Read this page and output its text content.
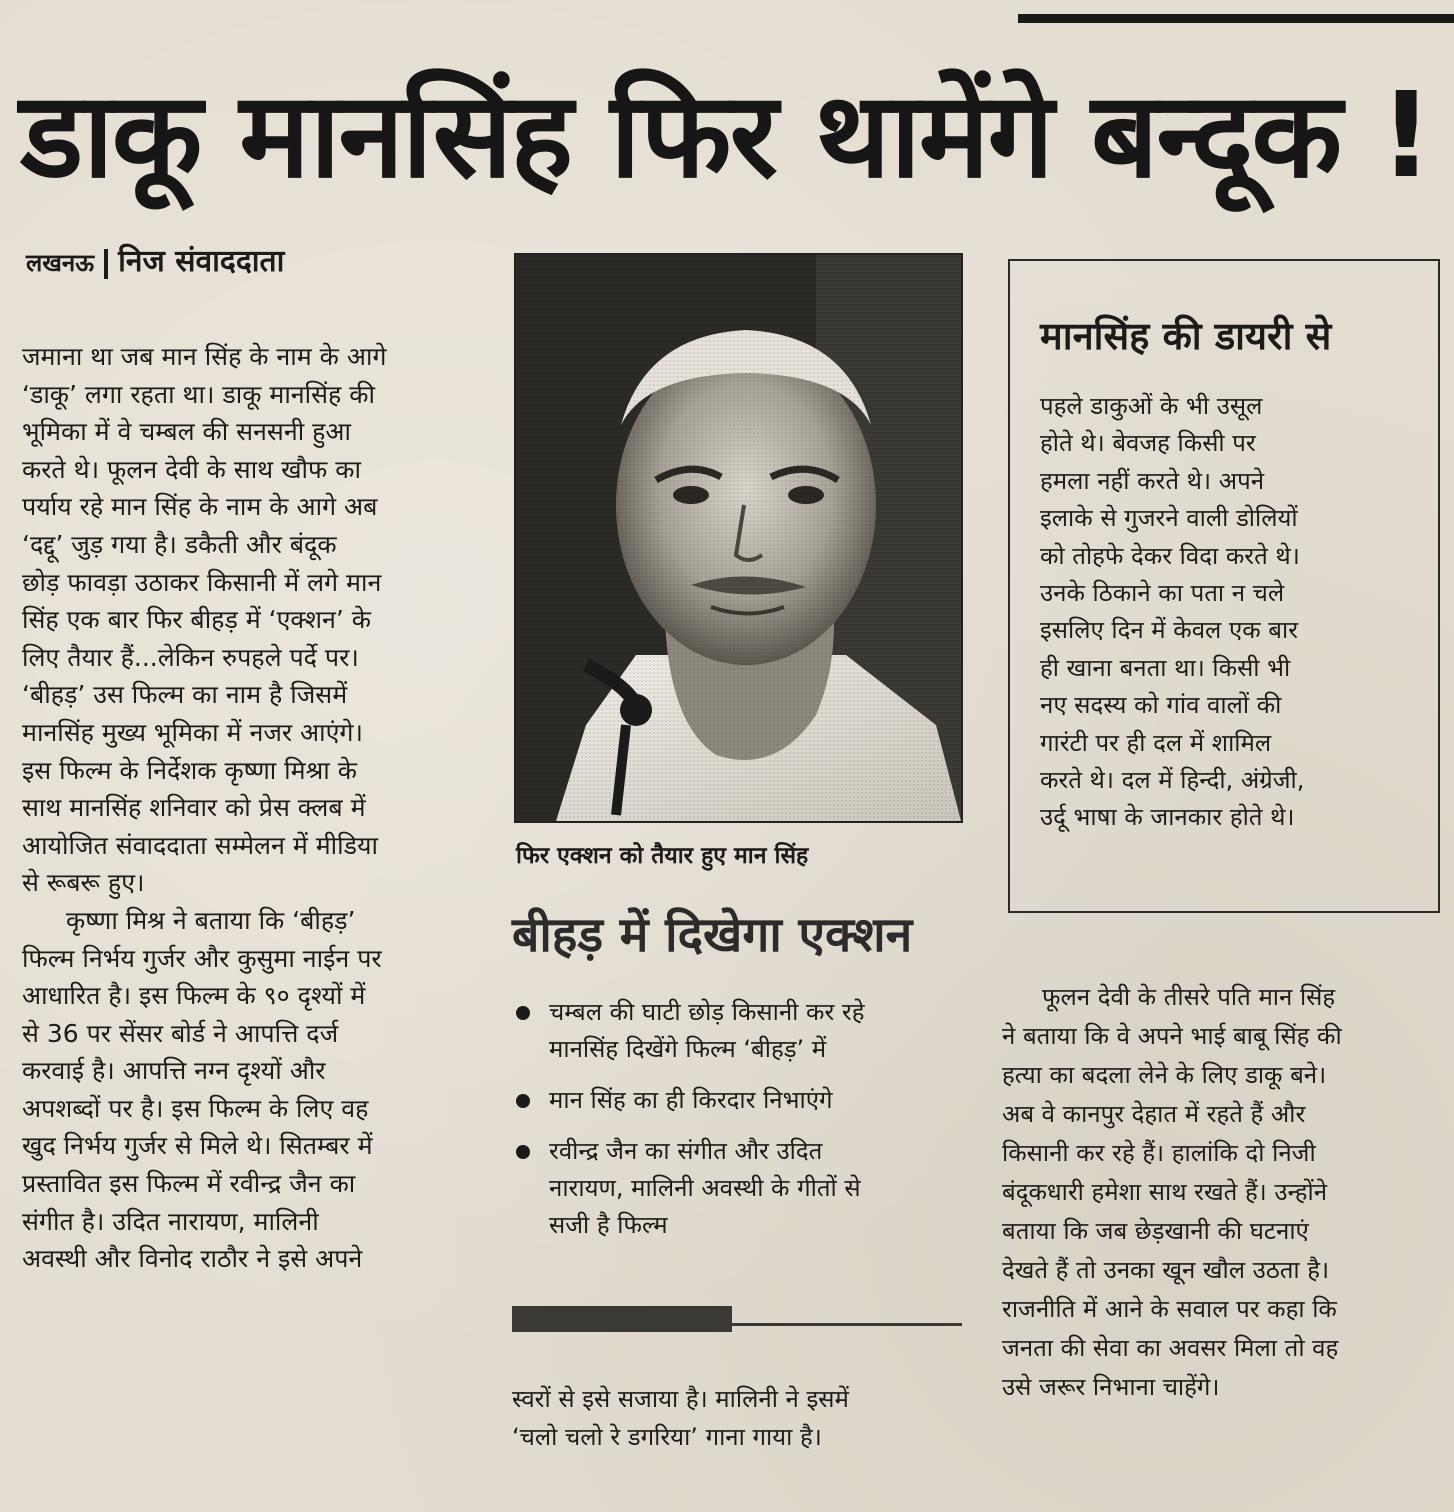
डाकू मानसिंह फिर थामेंगे बन्दूक !
लखनऊ निज संवाददाता
जमाना था जब मान सिंह के नाम के आगे
‘डाकू’ लगा रहता था। डाकू मानसिंह की
भूमिका में वे चम्बल की सनसनी हुआ
करते थे। फूलन देवी के साथ खौफ का
पर्याय रहे मान सिंह के नाम के आगे अब
‘दद्दू’ जुड़ गया है। डकैती और बंदूक
छोड़ फावड़ा उठाकर किसानी में लगे मान
सिंह एक बार फिर बीहड़ में ‘एक्शन’ के
लिए तैयार हैं...लेकिन रुपहले पर्दे पर।
‘बीहड़’ उस फिल्म का नाम है जिसमें
मानसिंह मुख्य भूमिका में नजर आएंगे।
इस फिल्म के निर्देशक कृष्णा मिश्रा के
साथ मानसिंह शनिवार को प्रेस क्लब में
आयोजित संवाददाता सम्मेलन में मीडिया
से रूबरू हुए।
कृष्णा मिश्र ने बताया कि ‘बीहड़’
फिल्म निर्भय गुर्जर और कुसुमा नाईन पर
आधारित है। इस फिल्म के ९० दृश्यों में
से 36 पर सेंसर बोर्ड ने आपत्ति दर्ज
करवाई है। आपत्ति नग्न दृश्यों और
अपशब्दों पर है। इस फिल्म के लिए वह
खुद निर्भय गुर्जर से मिले थे। सितम्बर में
प्रस्तावित इस फिल्म में रवीन्द्र जैन का
संगीत है। उदित नारायण, मालिनी
अवस्थी और विनोद राठौर ने इसे अपने
फिर एक्शन को तैयार हुए मान सिंह
बीहड़ में दिखेगा एक्शन
चम्बल की घाटी छोड़ किसानी कर रहे
मानसिंह दिखेंगे फिल्म ‘बीहड़’ में
मान सिंह का ही किरदार निभाएंगे
रवीन्द्र जैन का संगीत और उदित
नारायण, मालिनी अवस्थी के गीतों से
सजी है फिल्म
स्वरों से इसे सजाया है। मालिनी ने इसमें
‘चलो चलो रे डगरिया’ गाना गाया है।
मानसिंह की डायरी से
पहले डाकुओं के भी उसूल
होते थे। बेवजह किसी पर
हमला नहीं करते थे। अपने
इलाके से गुजरने वाली डोलियों
को तोहफे देकर विदा करते थे।
उनके ठिकाने का पता न चले
इसलिए दिन में केवल एक बार
ही खाना बनता था। किसी भी
नए सदस्य को गांव वालों की
गारंटी पर ही दल में शामिल
करते थे। दल में हिन्दी, अंग्रेजी,
उर्दू भाषा के जानकार होते थे।
फूलन देवी के तीसरे पति मान सिंह
ने बताया कि वे अपने भाई बाबू सिंह की
हत्या का बदला लेने के लिए डाकू बने।
अब वे कानपुर देहात में रहते हैं और
किसानी कर रहे हैं। हालांकि दो निजी
बंदूकधारी हमेशा साथ रखते हैं। उन्होंने
बताया कि जब छेड़खानी की घटनाएं
देखते हैं तो उनका खून खौल उठता है।
राजनीति में आने के सवाल पर कहा कि
जनता की सेवा का अवसर मिला तो वह
उसे जरूर निभाना चाहेंगे।
